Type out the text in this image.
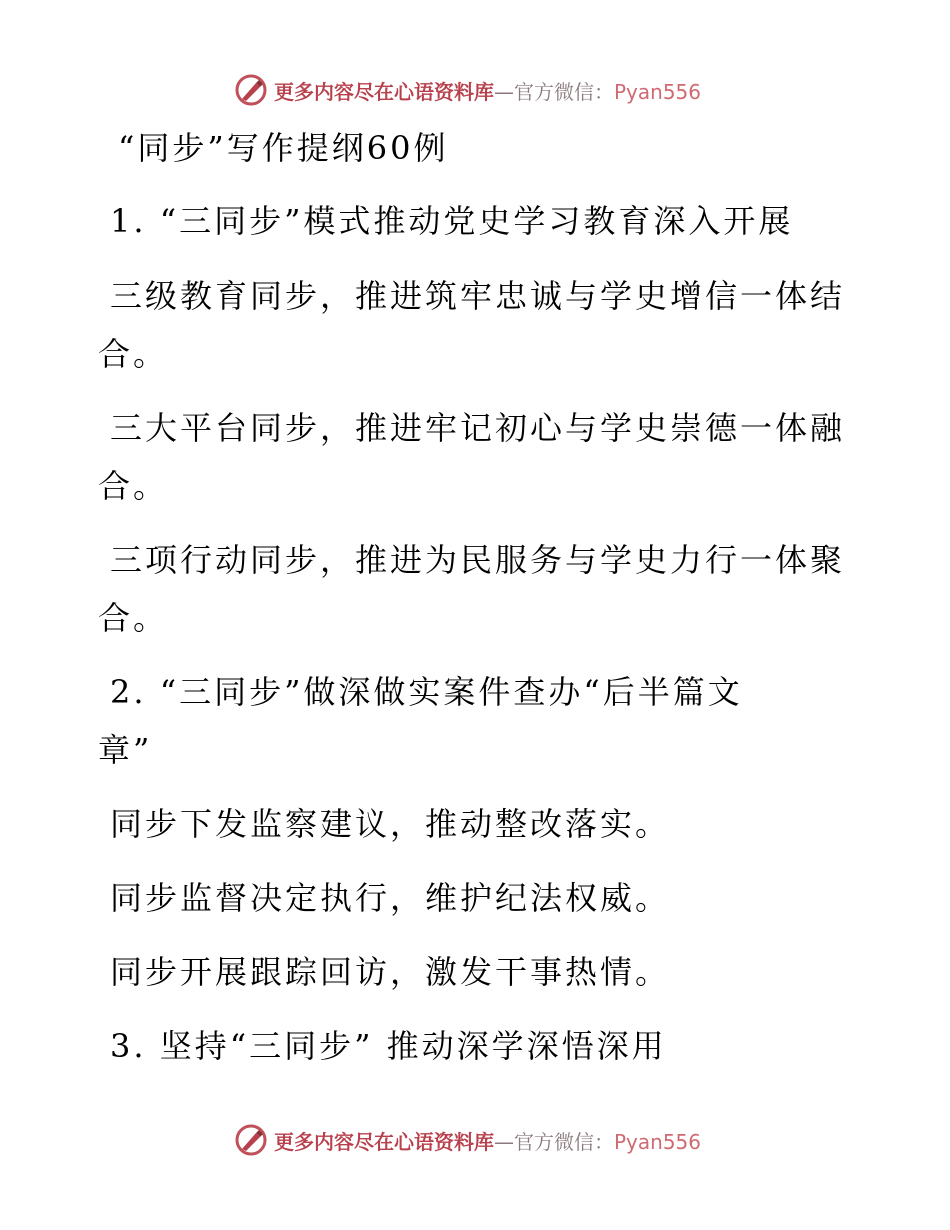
更多内容尽在心语资料库—官方微信：Pyan556
“同步”写作提纲60例
1. “三同步”模式推动党史学习教育深入开展
三级教育同步，推进筑牢忠诚与学史增信一体结
合。
三大平台同步，推进牢记初心与学史崇德一体融
合。
三项行动同步，推进为民服务与学史力行一体聚
合。
2. “三同步”做深做实案件查办“后半篇文
章”
同步下发监察建议，推动整改落实。
同步监督决定执行，维护纪法权威。
同步开展跟踪回访，激发干事热情。
3. 坚持“三同步” 推动深学深悟深用
更多内容尽在心语资料库—官方微信：Pyan556
